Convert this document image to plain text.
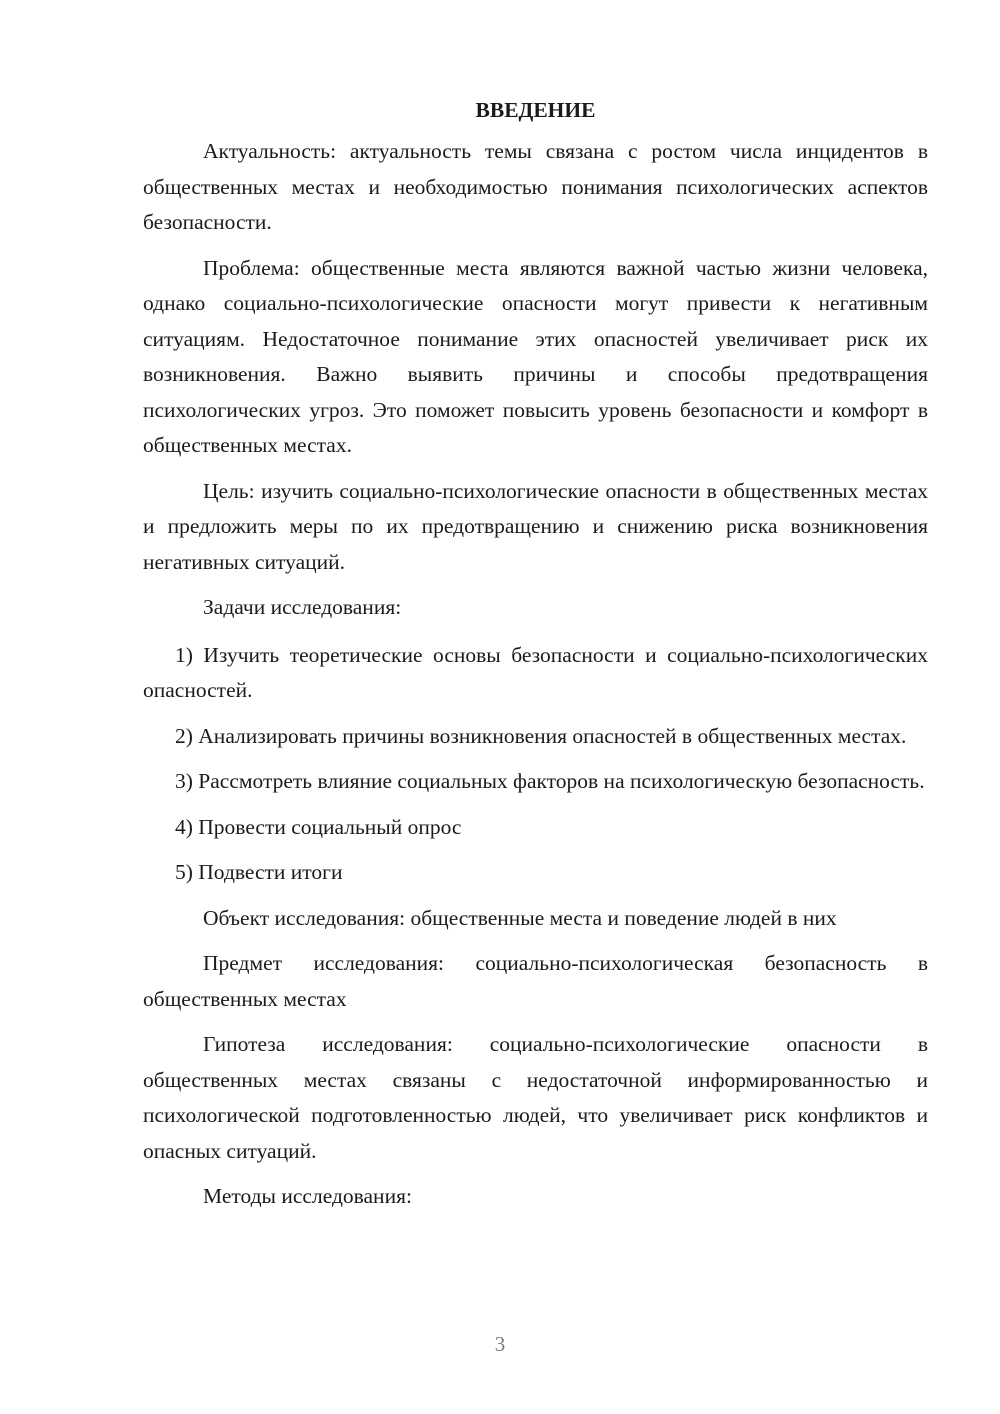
ВВЕДЕНИЕ

Актуальность: актуальность темы связана с ростом числа инцидентов в общественных местах и необходимостью понимания психологических аспектов безопасности.

Проблема: общественные места являются важной частью жизни человека, однако социально-психологические опасности могут привести к негативным ситуациям. Недостаточное понимание этих опасностей увеличивает риск их возникновения. Важно выявить причины и способы предотвращения психологических угроз. Это поможет повысить уровень безопасности и комфорт в общественных местах.

Цель: изучить социально-психологические опасности в общественных местах и предложить меры по их предотвращению и снижению риска возникновения негативных ситуаций.

Задачи исследования:

1) Изучить теоретические основы безопасности и социально-психологических опасностей.

2) Анализировать причины возникновения опасностей в общественных местах.

3) Рассмотреть влияние социальных факторов на психологическую безопасность.

4) Провести социальный опрос

5) Подвести итоги

Объект исследования: общественные места и поведение людей в них

Предмет исследования: социально-психологическая безопасность в общественных местах

Гипотеза исследования: социально-психологические опасности в общественных местах связаны с недостаточной информированностью и психологической подготовленностью людей, что увеличивает риск конфликтов и опасных ситуаций.

Методы исследования:

3
